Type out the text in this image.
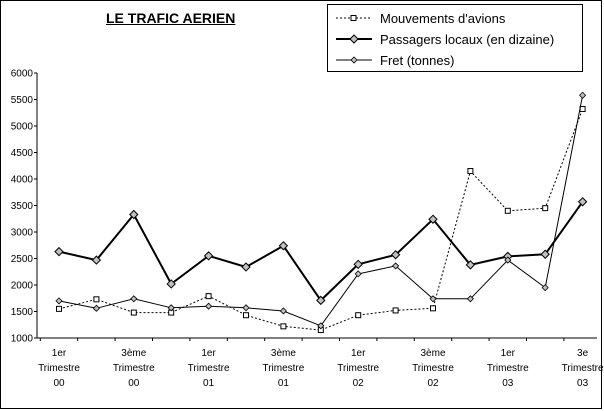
LE TRAFIC AERIEN
1000
1500
2000
2500
3000
3500
4000
4500
5000
5500
6000
1er Trimestre 00
3ème Trimestre 00
1er Trimestre 01
3ème Trimestre 01
1er Trimestre 02
3ème Trimestre 02
1er Trimestre 03
3e Trimestre 03
Mouvements d'avions
Passagers locaux (en dizaine)
Fret (tonnes)
